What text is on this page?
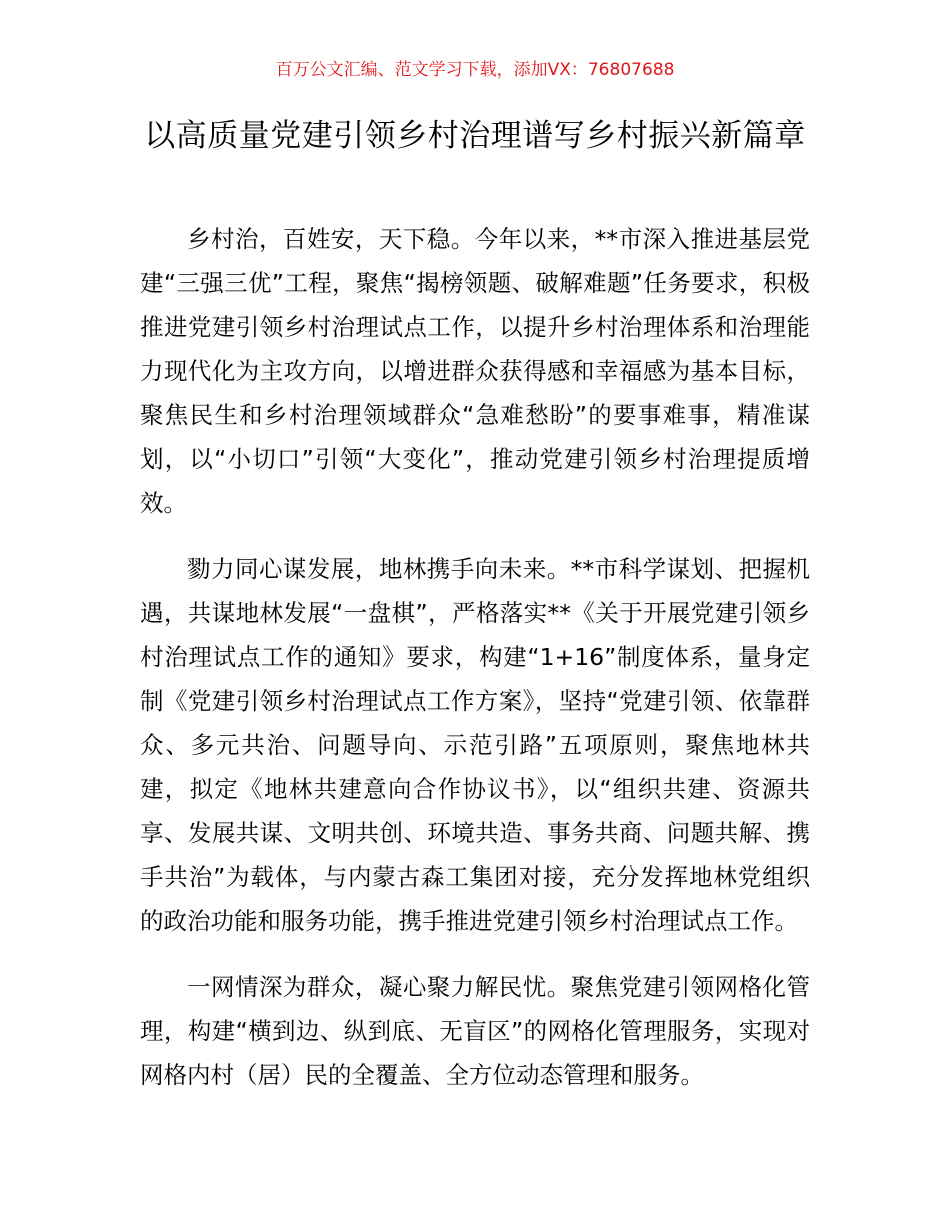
百万公文汇编、范文学习下载，添加VX：76807688
以高质量党建引领乡村治理谱写乡村振兴新篇章

乡村治，百姓安，天下稳。今年以来，**市深入推进基层党建“三强三优”工程，聚焦“揭榜领题、破解难题”任务要求，积极推进党建引领乡村治理试点工作，以提升乡村治理体系和治理能力现代化为主攻方向，以增进群众获得感和幸福感为基本目标，聚焦民生和乡村治理领域群众“急难愁盼”的要事难事，精准谋划，以“小切口”引领“大变化”，推动党建引领乡村治理提质增效。

勠力同心谋发展，地林携手向未来。**市科学谋划、把握机遇，共谋地林发展“一盘棋”，严格落实**《关于开展党建引领乡村治理试点工作的通知》要求，构建“1+16”制度体系，量身定制《党建引领乡村治理试点工作方案》，坚持“党建引领、依靠群众、多元共治、问题导向、示范引路”五项原则，聚焦地林共建，拟定《地林共建意向合作协议书》，以“组织共建、资源共享、发展共谋、文明共创、环境共造、事务共商、问题共解、携手共治”为载体，与内蒙古森工集团对接，充分发挥地林党组织的政治功能和服务功能，携手推进党建引领乡村治理试点工作。

一网情深为群众，凝心聚力解民忧。聚焦党建引领网格化管理，构建“横到边、纵到底、无盲区”的网格化管理服务，实现对网格内村（居）民的全覆盖、全方位动态管理和服务。
